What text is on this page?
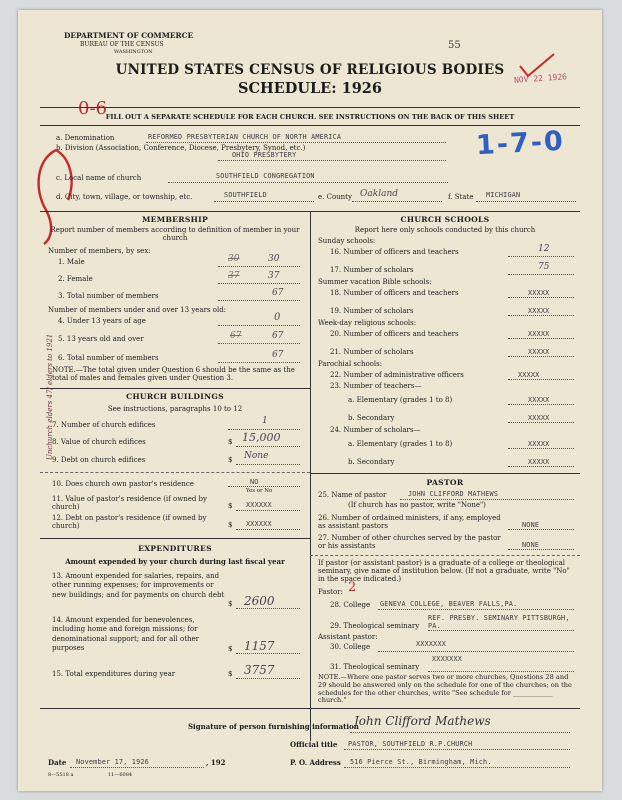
DEPARTMENT OF COMMERCE
BUREAU OF THE CENSUS
WASHINGTON
55
NOV 22 1926
UNITED STATES CENSUS OF RELIGIOUS BODIES
SCHEDULE: 1926
0-6
FILL OUT A SEPARATE SCHEDULE FOR EACH CHURCH. SEE INSTRUCTIONS ON THE BACK OF THIS SHEET
1-7-0
a. Denomination	REFORMED PRESBYTERIAN CHURCH OF NORTH AMERICA
b. Division (Association, Conference, Diocese, Presbytery, Synod, etc.)
OHIO PRESBYTERY
c. Local name of church	SOUTHFIELD CONGREGATION
d. City, town, village, or township, etc.	SOUTHFIELD	e. County Oakland	f. State MICHIGAN
MEMBERSHIP
Report number of members according to definition of member in your church
Number of members, by sex:
1. Male	30	30
2. Female	37	37
3. Total number of members	67
Number of members under and over 13 years old:
4. Under 13 years of age	0
5. 13 years old and over	67	67
6. Total number of members	67
NOTE.—The total given under Question 6 should be the same as the total of males and females given under Question 3.
Unchurch elders 47/ elders to 1921	CHURCH BUILDINGS
See instructions, paragraphs 10 to 12
7. Number of church edifices	1
8. Value of church edifices	$ 15,000
9. Debt on church edifices	$ None
10. Does church own pastor's residence	NO
Yes or No
11. Value of pastor's residence (if owned by church)	$ XXXXXX
12. Debt on pastor's residence (if owned by church)	$ XXXXXX
EXPENDITURES
Amount expended by your church during last fiscal year
13. Amount expended for salaries, repairs, and other running expenses; for improvements or new buildings; and for payments on church debt
$ 2600
14. Amount expended for benevolences, including home and foreign missions; for denominational support; and for all other purposes	$ 1157
15. Total expenditures during year	$ 3757
CHURCH SCHOOLS
Report here only schools conducted by this church
Sunday schools:
16. Number of officers and teachers	12
17. Number of scholars	75
Summer vacation Bible schools:
18. Number of officers and teachers	XXXXX
19. Number of scholars	XXXXX
Week-day religious schools:
20. Number of officers and teachers	XXXXX
21. Number of scholars	XXXXX
Parochial schools:
22. Number of administrative officers	XXXXX
23. Number of teachers—
a. Elementary (grades 1 to 8)	XXXXX
b. Secondary	XXXXX
24. Number of scholars—
a. Elementary (grades 1 to 8)	XXXXX
b. Secondary	XXXXX
PASTOR
25. Name of pastor	JOHN CLIFFORD MATHEWS
(If church has no pastor, write "None")
26. Number of ordained ministers, if any, employed as assistant pastors	NONE
27. Number of other churches served by the pastor or his assistants	NONE
If pastor (or assistant pastor) is a graduate of a college or theological seminary, give name of institution below. (If not a graduate, write "No" in the space indicated.)
Pastor: 2
28. College GENEVA COLLEGE, BEAVER FALLS,PA.
29. Theological seminary
REF. PRESBY. SEMINARY PITTSBURGH, PA.
Assistant pastor:
30. College	XXXXXXX
31. Theological seminary
XXXXXXX
NOTE.—Where one pastor serves two or more churches, Questions 28 and 29 should be answered only on the schedule for one of the churches; on the schedules for the other churches, write "See schedule for ____________ church."
Signature of person furnishing information
John Clifford Mathews
Official title PASTOR, SOUTHFIELD R.P.CHURCH
Date November 17, 1926	, 192	P. O. Address 516 Pierce St., Birmingham, Mich.
8—5518 a	11—6084
